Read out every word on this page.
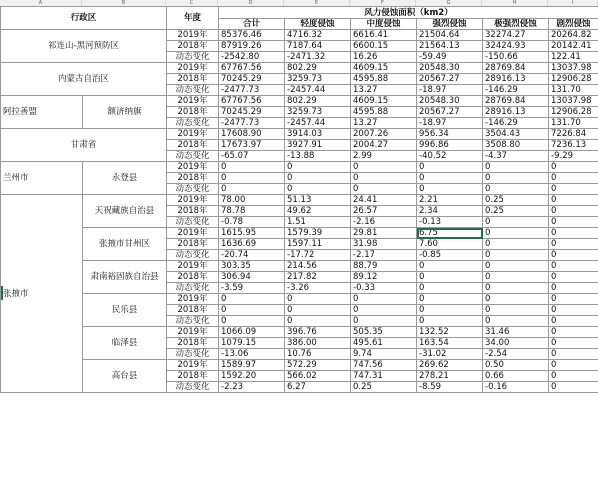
A	B	C	D	E	F	G	H	I
行政区		年度	风力侵蚀面积（km2）					
			合计	轻度侵蚀	中度侵蚀	强烈侵蚀	极强烈侵蚀	剧烈侵蚀
祁连山-黑河预防区		2019年	85376.46	4716.32	6616.41	21504.64	32274.27	20264.82
		2018年	87919.26	7187.64	6600.15	21564.13	32424.93	20142.41
		动态变化	-2542.80	-2471.32	16.26	-59.49	-150.66	122.41
内蒙古自治区		2019年	67767.56	802.29	4609.15	20548.30	28769.84	13037.98
		2018年	70245.29	3259.73	4595.88	20567.27	28916.13	12906.28
		动态变化	-2477.73	-2457.44	13.27	-18.97	-146.29	131.70
阿拉善盟	额济纳旗	2019年	67767.56	802.29	4609.15	20548.30	28769.84	13037.98
		2018年	70245.29	3259.73	4595.88	20567.27	28916.13	12906.28
		动态变化	-2477.73	-2457.44	13.27	-18.97	-146.29	131.70
甘肃省		2019年	17608.90	3914.03	2007.26	956.34	3504.43	7226.84
		2018年	17673.97	3927.91	2004.27	996.86	3508.80	7236.13
		动态变化	-65.07	-13.88	2.99	-40.52	-4.37	-9.29
兰州市	永登县	2019年	0	0	0	0	0	0
		2018年	0	0	0	0	0	0
		动态变化	0	0	0	0	0	0
张掖市	天祝藏族自治县	2019年	78.00	51.13	24.41	2.21	0.25	0
		2018年	78.78	49.62	26.57	2.34	0.25	0
		动态变化	-0.78	1.51	-2.16	-0.13	0	0
	张掖市甘州区	2019年	1615.95	1579.39	29.81	6.75	0	0
		2018年	1636.69	1597.11	31.98	7.60	0	0
		动态变化	-20.74	-17.72	-2.17	-0.85	0	0
	肃南裕固族自治县	2019年	303.35	214.56	88.79	0	0	0
		2018年	306.94	217.82	89.12	0	0	0
		动态变化	-3.59	-3.26	-0.33	0	0	0
	民乐县	2019年	0	0	0	0	0	0
		2018年	0	0	0	0	0	0
		动态变化	0	0	0	0	0	0
	临泽县	2019年	1066.09	396.76	505.35	132.52	31.46	0
		2018年	1079.15	386.00	495.61	163.54	34.00	0
		动态变化	-13.06	10.76	9.74	-31.02	-2.54	0
	高台县	2019年	1589.97	572.29	747.56	269.62	0.50	0
		2018年	1592.20	566.02	747.31	278.21	0.66	0
		动态变化	-2.23	6.27	0.25	-8.59	-0.16	0
